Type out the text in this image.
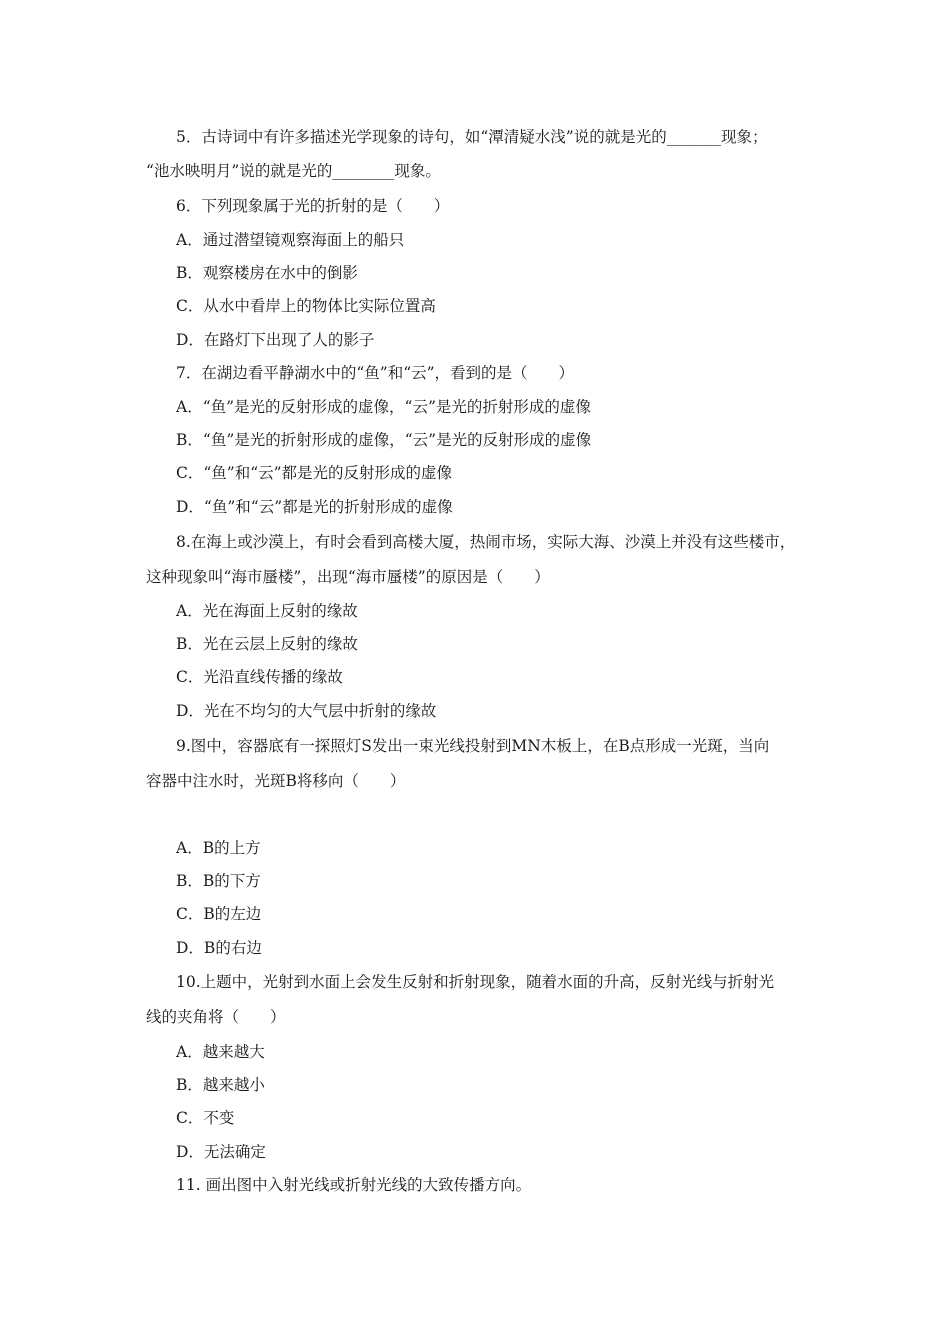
5．古诗词中有许多描述光学现象的诗句，如“潭清疑水浅”说的就是光的_______现象；
“池水映明月”说的就是光的________现象。
6．下列现象属于光的折射的是（　　）
A．通过潜望镜观察海面上的船只
B．观察楼房在水中的倒影
C．从水中看岸上的物体比实际位置高
D．在路灯下出现了人的影子
7．在湖边看平静湖水中的“鱼”和“云”，看到的是（　　）
A．“鱼”是光的反射形成的虚像，“云”是光的折射形成的虚像
B．“鱼”是光的折射形成的虚像，“云”是光的反射形成的虚像
C．“鱼”和“云”都是光的反射形成的虚像
D．“鱼”和“云”都是光的折射形成的虚像
8.在海上或沙漠上，有时会看到高楼大厦，热闹市场，实际大海、沙漠上并没有这些楼市，
这种现象叫“海市蜃楼”，出现“海市蜃楼”的原因是（　　）
A．光在海面上反射的缘故
B．光在云层上反射的缘故
C．光沿直线传播的缘故
D．光在不均匀的大气层中折射的缘故
9.图中，容器底有一探照灯S发出一束光线投射到MN木板上，在B点形成一光斑，当向
容器中注水时，光斑B将移向（　　）
A．B的上方
B．B的下方
C．B的左边
D．B的右边
10.上题中，光射到水面上会发生反射和折射现象，随着水面的升高，反射光线与折射光
线的夹角将（　　）
A．越来越大
B．越来越小
C．不变
D．无法确定
11. 画出图中入射光线或折射光线的大致传播方向。
